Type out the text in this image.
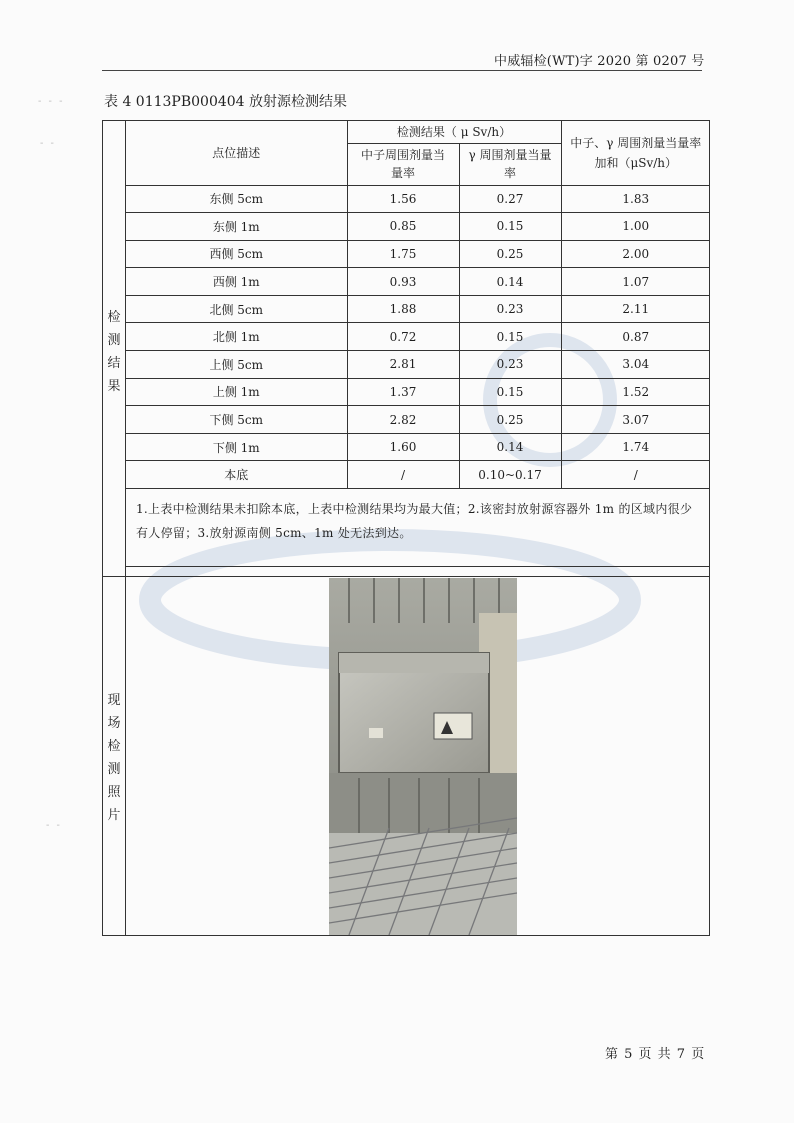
中威辐检(WT)字 2020 第 0207 号
- - -
- -
- -
表 4 0113PB000404 放射源检测结果
检测结果
现场检测照片
点位描述	检测结果（ μ Sv/h）		中子、γ 周围剂量当量率加和（μSv/h）
	中子周围剂量当量率	γ 周围剂量当量率	
东侧 5cm	1.56	0.27	1.83
东侧 1m	0.85	0.15	1.00
西侧 5cm	1.75	0.25	2.00
西侧 1m	0.93	0.14	1.07
北侧 5cm	1.88	0.23	2.11
北侧 1m	0.72	0.15	0.87
上侧 5cm	2.81	0.23	3.04
上侧 1m	1.37	0.15	1.52
下侧 5cm	2.82	0.25	3.07
下侧 1m	1.60	0.14	1.74
本底	/	0.10~0.17	/
1.上表中检测结果未扣除本底，上表中检测结果均为最大值；2.该密封放射源容器外 1m 的区域内很少有人停留；3.放射源南侧 5cm、1m 处无法到达。			
第 5 页 共 7 页
